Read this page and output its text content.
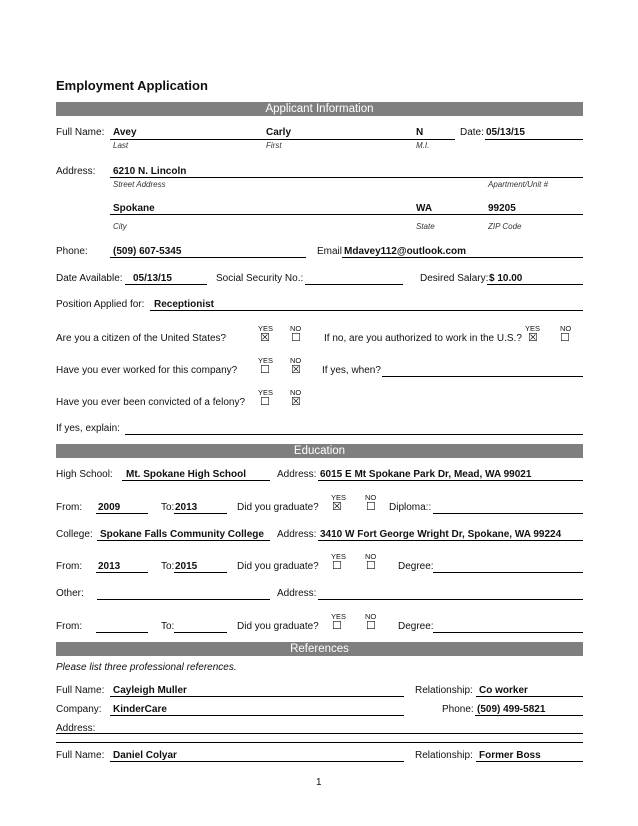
Employment Application
Applicant Information
Full Name: Avey	Carly	N
Last	First	M.I.
Date: 05/13/15
Address: 6210 N. Lincoln
Street Address	Apartment/Unit #
Spokane	WA	99205
City	State	ZIP Code
Phone:	(509) 607-5345	Email Mdavey112@outlook.com
Date Available: 05/13/15	Social Security No.:	Desired Salary: $ 10.00
Position Applied for: Receptionist
YES NO
Are you a citizen of the United States?	☒ ☐ If no, are you authorized to work in the U.S.?
YES	NO
☒ ☐
YES NO
Have you ever worked for this company? ☐ ☒ If yes, when?
YES NO
Have you ever been convicted of a felony? ☐ ☒
If yes, explain:
Education
High School: Mt. Spokane High School	Address: 6015 E Mt Spokane Park Dr, Mead, WA 99021
YES	NO
From: 2009	To: 2013	Did you graduate? ☒ ☐ Diploma::
College: Spokane Falls Community College Address: 3410 W Fort George Wright Dr, Spokane, WA 99224
YES	NO
From: 2013	To: 2015	Did you graduate? ☐ ☐ Degree:
Other:	Address:
YES	NO
From:	To:	Did you graduate? ☐ ☐ Degree:
References
Please list three professional references.
Full Name: Cayleigh Muller	Relationship: Co worker
Company: KinderCare	Phone: (509) 499-5821
Address:
Full Name: Daniel Colyar	Relationship: Former Boss
1
